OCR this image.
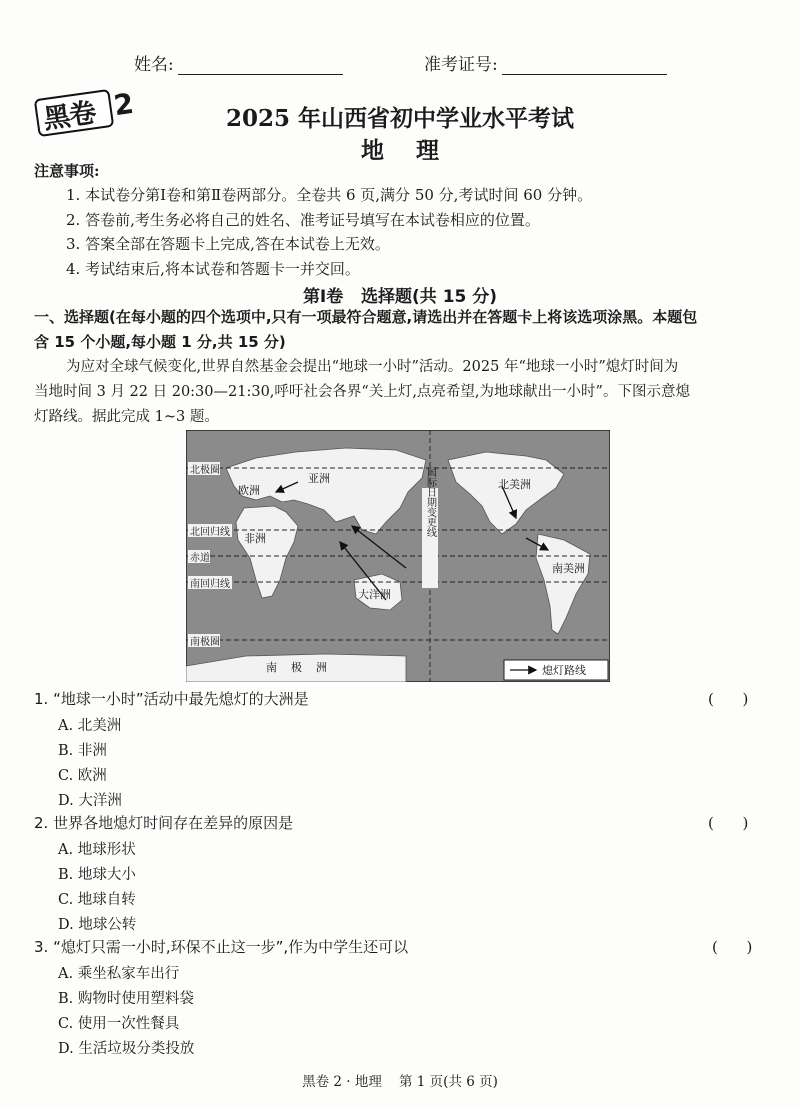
姓名:	准考证号:
黑卷 2	2025 年山西省初中学业水平考试
地    理
注意事项:
1. 本试卷分第Ⅰ卷和第Ⅱ卷两部分。全卷共 6 页,满分 50 分,考试时间 60 分钟。
2. 答卷前,考生务必将自己的姓名、准考证号填写在本试卷相应的位置。
3. 答案全部在答题卡上完成,答在本试卷上无效。
4. 考试结束后,将本试卷和答题卡一并交回。
第Ⅰ卷   选择题(共 15 分)
一、选择题(在每小题的四个选项中,只有一项最符合题意,请选出并在答题卡上将该选项涂黑。本题包
含 15 个小题,每小题 1 分,共 15 分)
为应对全球气候变化,世界自然基金会提出“地球一小时”活动。2025 年“地球一小时”熄灯时间为
当地时间 3 月 22 日 20:30—21:30,呼吁社会各界“关上灯,点亮希望,为地球献出一小时”。下图示意熄
灯路线。据此完成 1~3 题。
北极圈
北回归线
赤道
南回归线
南极圈
欧洲
亚洲
非洲
大洋洲
北美洲
南美洲
南极洲
国际日期变更线
熄灯路线
1. “地球一小时”活动中最先熄灯的大洲是	(      )
A. 北美洲
B. 非洲
C. 欧洲
D. 大洋洲
2. 世界各地熄灯时间存在差异的原因是	(      )
A. 地球形状
B. 地球大小
C. 地球自转
D. 地球公转
3. “熄灯只需一小时,环保不止这一步”,作为中学生还可以	(      )
A. 乘坐私家车出行
B. 购物时使用塑料袋
C. 使用一次性餐具
D. 生活垃圾分类投放
黑卷 2 · 地理    第 1 页(共 6 页)
